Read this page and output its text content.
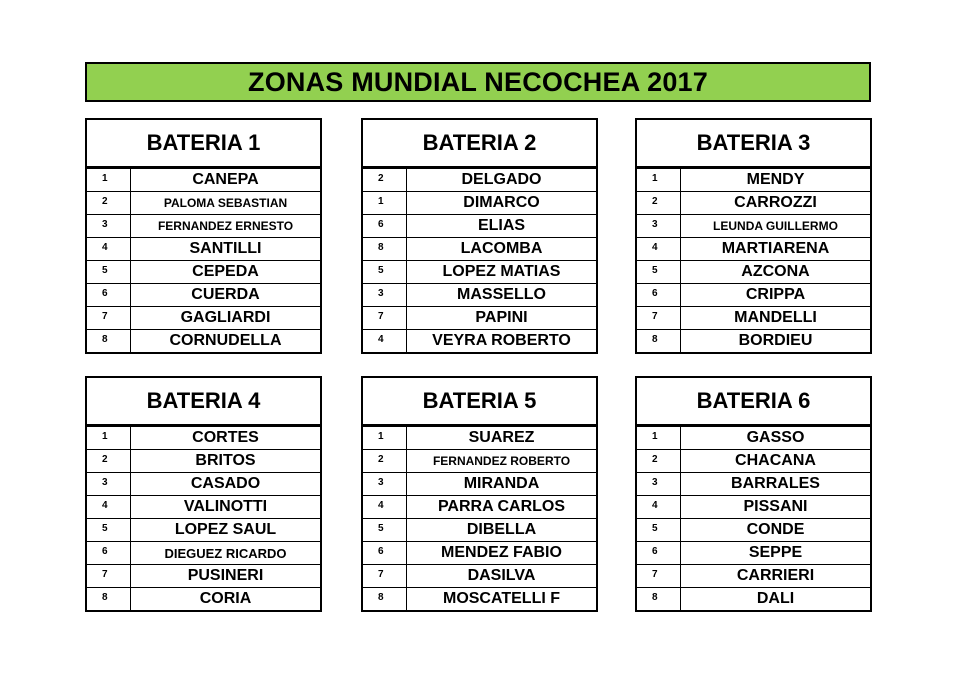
ZONAS MUNDIAL NECOCHEA 2017
BATERIA 1
1	CANEPA
2	PALOMA SEBASTIAN
3	FERNANDEZ ERNESTO
4	SANTILLI
5	CEPEDA
6	CUERDA
7	GAGLIARDI
8	CORNUDELLA
BATERIA 2
2	DELGADO
1	DIMARCO
6	ELIAS
8	LACOMBA
5	LOPEZ MATIAS
3	MASSELLO
7	PAPINI
4	VEYRA ROBERTO
BATERIA 3
1	MENDY
2	CARROZZI
3	LEUNDA GUILLERMO
4	MARTIARENA
5	AZCONA
6	CRIPPA
7	MANDELLI
8	BORDIEU
BATERIA 4
1	CORTES
2	BRITOS
3	CASADO
4	VALINOTTI
5	LOPEZ SAUL
6	DIEGUEZ RICARDO
7	PUSINERI
8	CORIA
BATERIA 5
1	SUAREZ
2	FERNANDEZ ROBERTO
3	MIRANDA
4	PARRA CARLOS
5	DIBELLA
6	MENDEZ FABIO
7	DASILVA
8	MOSCATELLI F
BATERIA 6
1	GASSO
2	CHACANA
3	BARRALES
4	PISSANI
5	CONDE
6	SEPPE
7	CARRIERI
8	DALI
